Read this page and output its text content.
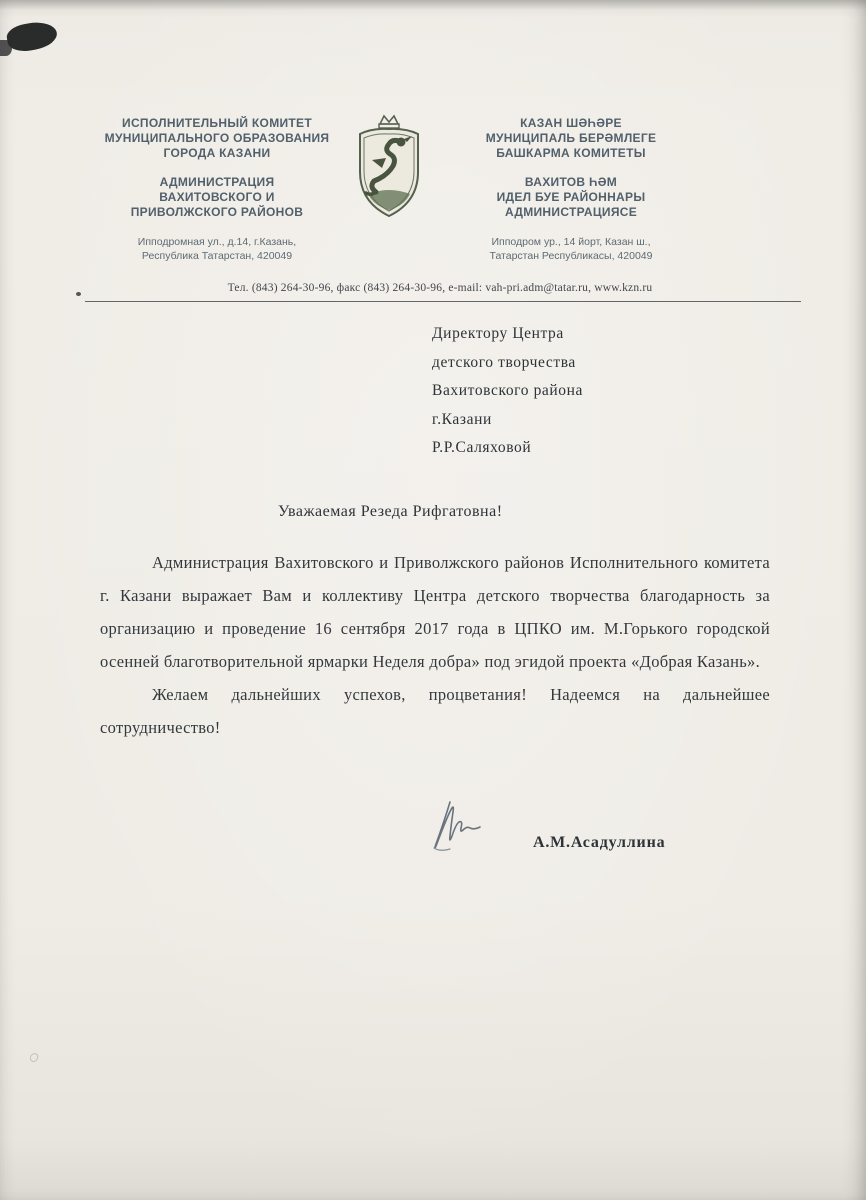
ИСПОЛНИТЕЛЬНЫЙ КОМИТЕТ
МУНИЦИПАЛЬНОГО ОБРАЗОВАНИЯ
ГОРОДА КАЗАНИ
АДМИНИСТРАЦИЯ
ВАХИТОВСКОГО И
ПРИВОЛЖСКОГО РАЙОНОВ
Ипподромная ул., д.14, г.Казань,
Республика Татарстан, 420049
КАЗАН ШӘҺӘРЕ
МУНИЦИПАЛЬ БЕРӘМЛЕГЕ
БАШКАРМА КОМИТЕТЫ
ВАХИТОВ ҺӘМ
ИДЕЛ БУЕ РАЙОННАРЫ
АДМИНИСТРАЦИЯСЕ
Ипподром ур., 14 йорт, Казан ш.,
Татарстан Республикасы, 420049
Тел. (843) 264-30-96, факс (843) 264-30-96, e-mail: vah-pri.adm@tatar.ru, www.kzn.ru
Директору Центра
детского творчества
Вахитовского района
г.Казани
Р.Р.Саляховой
Уважаемая Резеда Рифгатовна!

Администрация Вахитовского и Приволжского районов Исполнительного комитета г. Казани выражает Вам и коллективу Центра детского творчества благодарность за организацию и проведение 16 сентября 2017 года в ЦПКО им. М.Горького городской осенней благотворительной ярмарки Неделя добра» под эгидой проекта «Добрая Казань».

Желаем дальнейших успехов, процветания! Надеемся на дальнейшее сотрудничество!

А.М.Асадуллина
